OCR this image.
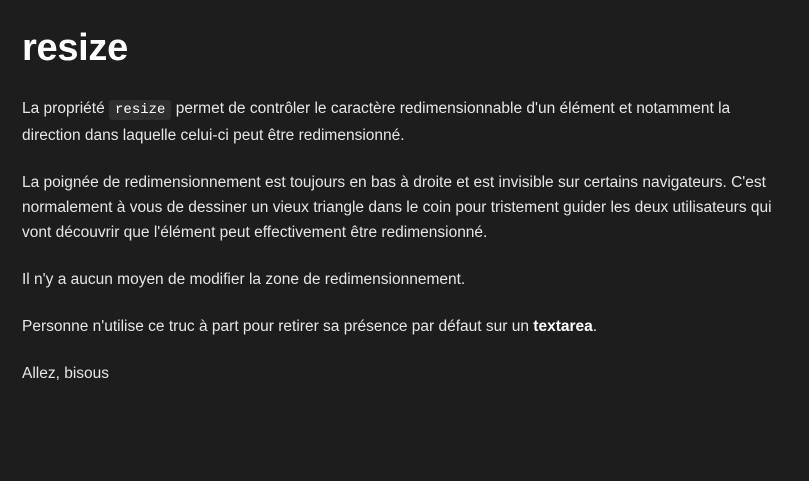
resize

La propriété resize permet de contrôler le caractère redimensionnable d'un élément et notamment la direction dans laquelle celui-ci peut être redimensionné.

La poignée de redimensionnement est toujours en bas à droite et est invisible sur certains navigateurs. C'est normalement à vous de dessiner un vieux triangle dans le coin pour tristement guider les deux utilisateurs qui vont découvrir que l'élément peut effectivement être redimensionné.

Il n'y a aucun moyen de modifier la zone de redimensionnement.

Personne n'utilise ce truc à part pour retirer sa présence par défaut sur un textarea.

Allez, bisous
